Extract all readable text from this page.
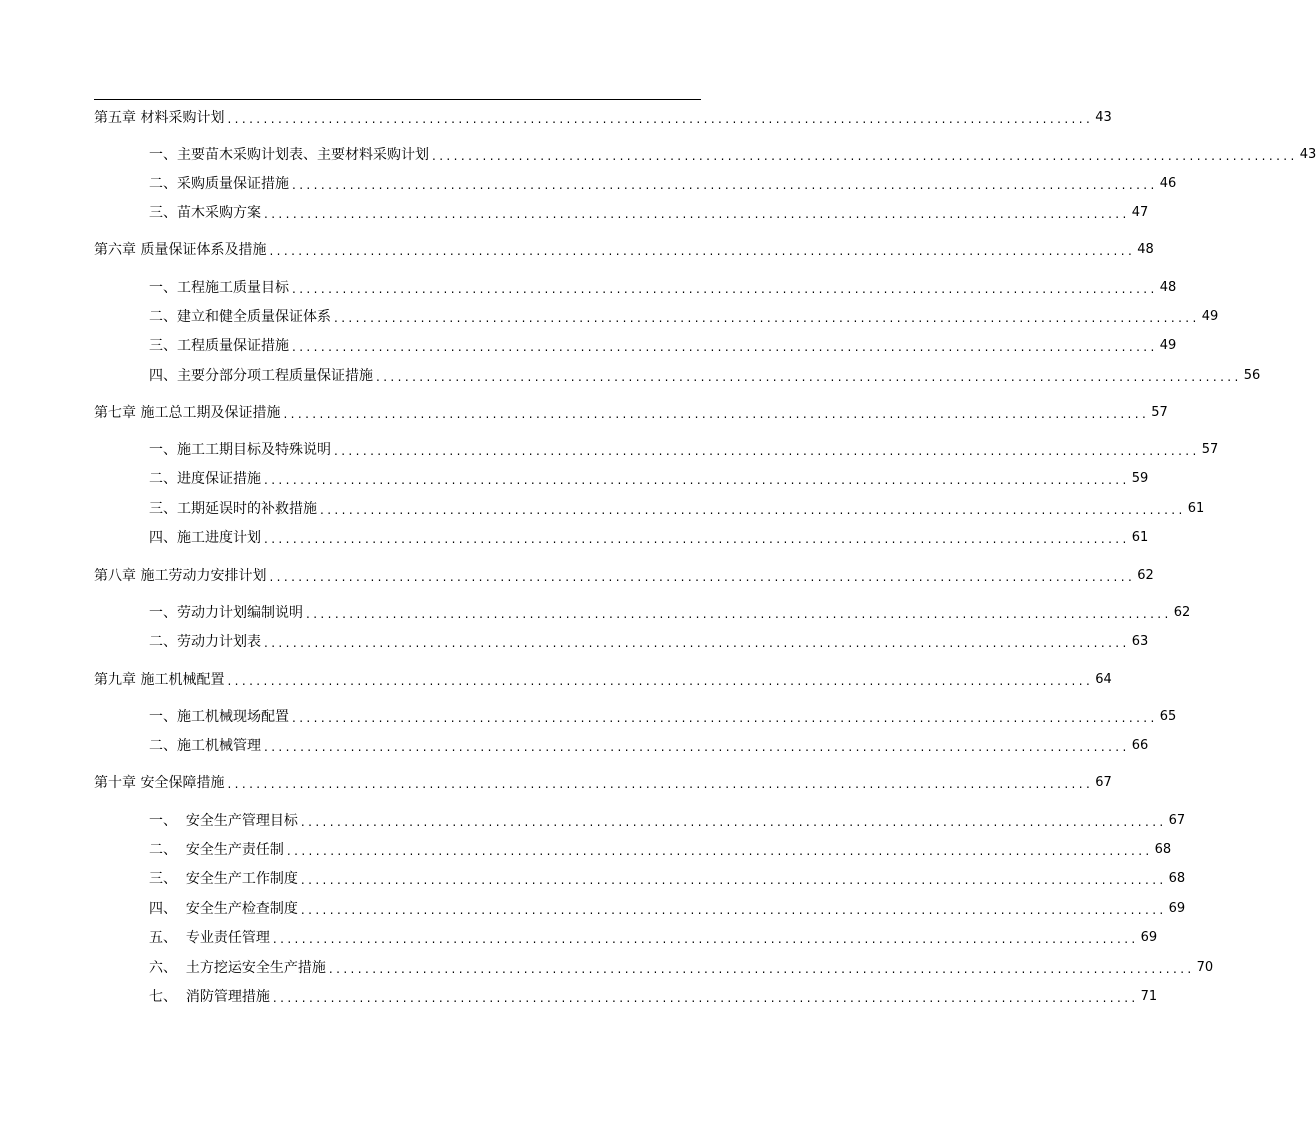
第五章 材料采购计划 ........................................................................................................................ 43
一、主要苗木采购计划表、主要材料采购计划 ........................................................................................................................ 43
二、采购质量保证措施 ........................................................................................................................ 46
三、苗木采购方案 ........................................................................................................................ 47
第六章 质量保证体系及措施 ........................................................................................................................ 48
一、工程施工质量目标 ........................................................................................................................ 48
二、建立和健全质量保证体系 ........................................................................................................................ 49
三、工程质量保证措施 ........................................................................................................................ 49
四、主要分部分项工程质量保证措施 ........................................................................................................................ 56
第七章 施工总工期及保证措施 ........................................................................................................................ 57
一、施工工期目标及特殊说明 ........................................................................................................................ 57
二、进度保证措施 ........................................................................................................................ 59
三、工期延误时的补救措施 ........................................................................................................................ 61
四、施工进度计划 ........................................................................................................................ 61
第八章 施工劳动力安排计划 ........................................................................................................................ 62
一、劳动力计划编制说明 ........................................................................................................................ 62
二、劳动力计划表 ........................................................................................................................ 63
第九章 施工机械配置 ........................................................................................................................ 64
一、施工机械现场配置 ........................................................................................................................ 65
二、施工机械管理 ........................................................................................................................ 66
第十章 安全保障措施 ........................................................................................................................ 67
一、  安全生产管理目标 ........................................................................................................................ 67
二、  安全生产责任制 ........................................................................................................................ 68
三、  安全生产工作制度 ........................................................................................................................ 68
四、  安全生产检查制度 ........................................................................................................................ 69
五、  专业责任管理 ........................................................................................................................ 69
六、  土方挖运安全生产措施 ........................................................................................................................ 70
七、  消防管理措施 ........................................................................................................................ 71
